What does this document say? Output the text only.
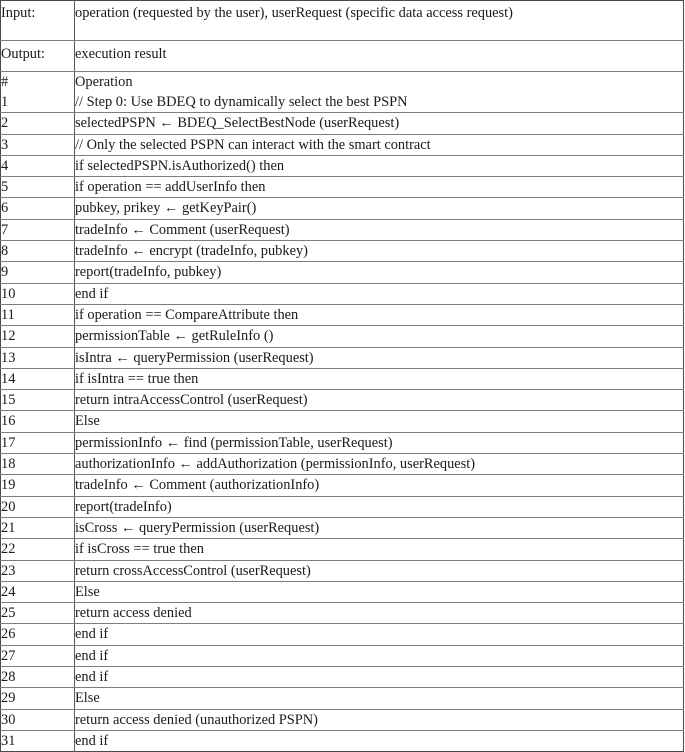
Input:	operation (requested by the user), userRequest (specific data access request)
Output:	execution result
#	Operation
1	// Step 0: Use BDEQ to dynamically select the best PSPN
2	selectedPSPN ← BDEQ_SelectBestNode (userRequest)
3	// Only the selected PSPN can interact with the smart contract
4	if selectedPSPN.isAuthorized() then
5	if operation == addUserInfo then
6	pubkey, prikey ← getKeyPair()
7	tradeInfo ← Comment (userRequest)
8	tradeInfo ← encrypt (tradeInfo, pubkey)
9	report(tradeInfo, pubkey)
10	end if
11	if operation == CompareAttribute then
12	permissionTable ← getRuleInfo ()
13	isIntra ← queryPermission (userRequest)
14	if isIntra == true then
15	return intraAccessControl (userRequest)
16	Else
17	permissionInfo ← find (permissionTable, userRequest)
18	authorizationInfo ← addAuthorization (permissionInfo, userRequest)
19	tradeInfo ← Comment (authorizationInfo)
20	report(tradeInfo)
21	isCross ← queryPermission (userRequest)
22	if isCross == true then
23	return crossAccessControl (userRequest)
24	Else
25	return access denied
26	end if
27	end if
28	end if
29	Else
30	return access denied (unauthorized PSPN)
31	end if
